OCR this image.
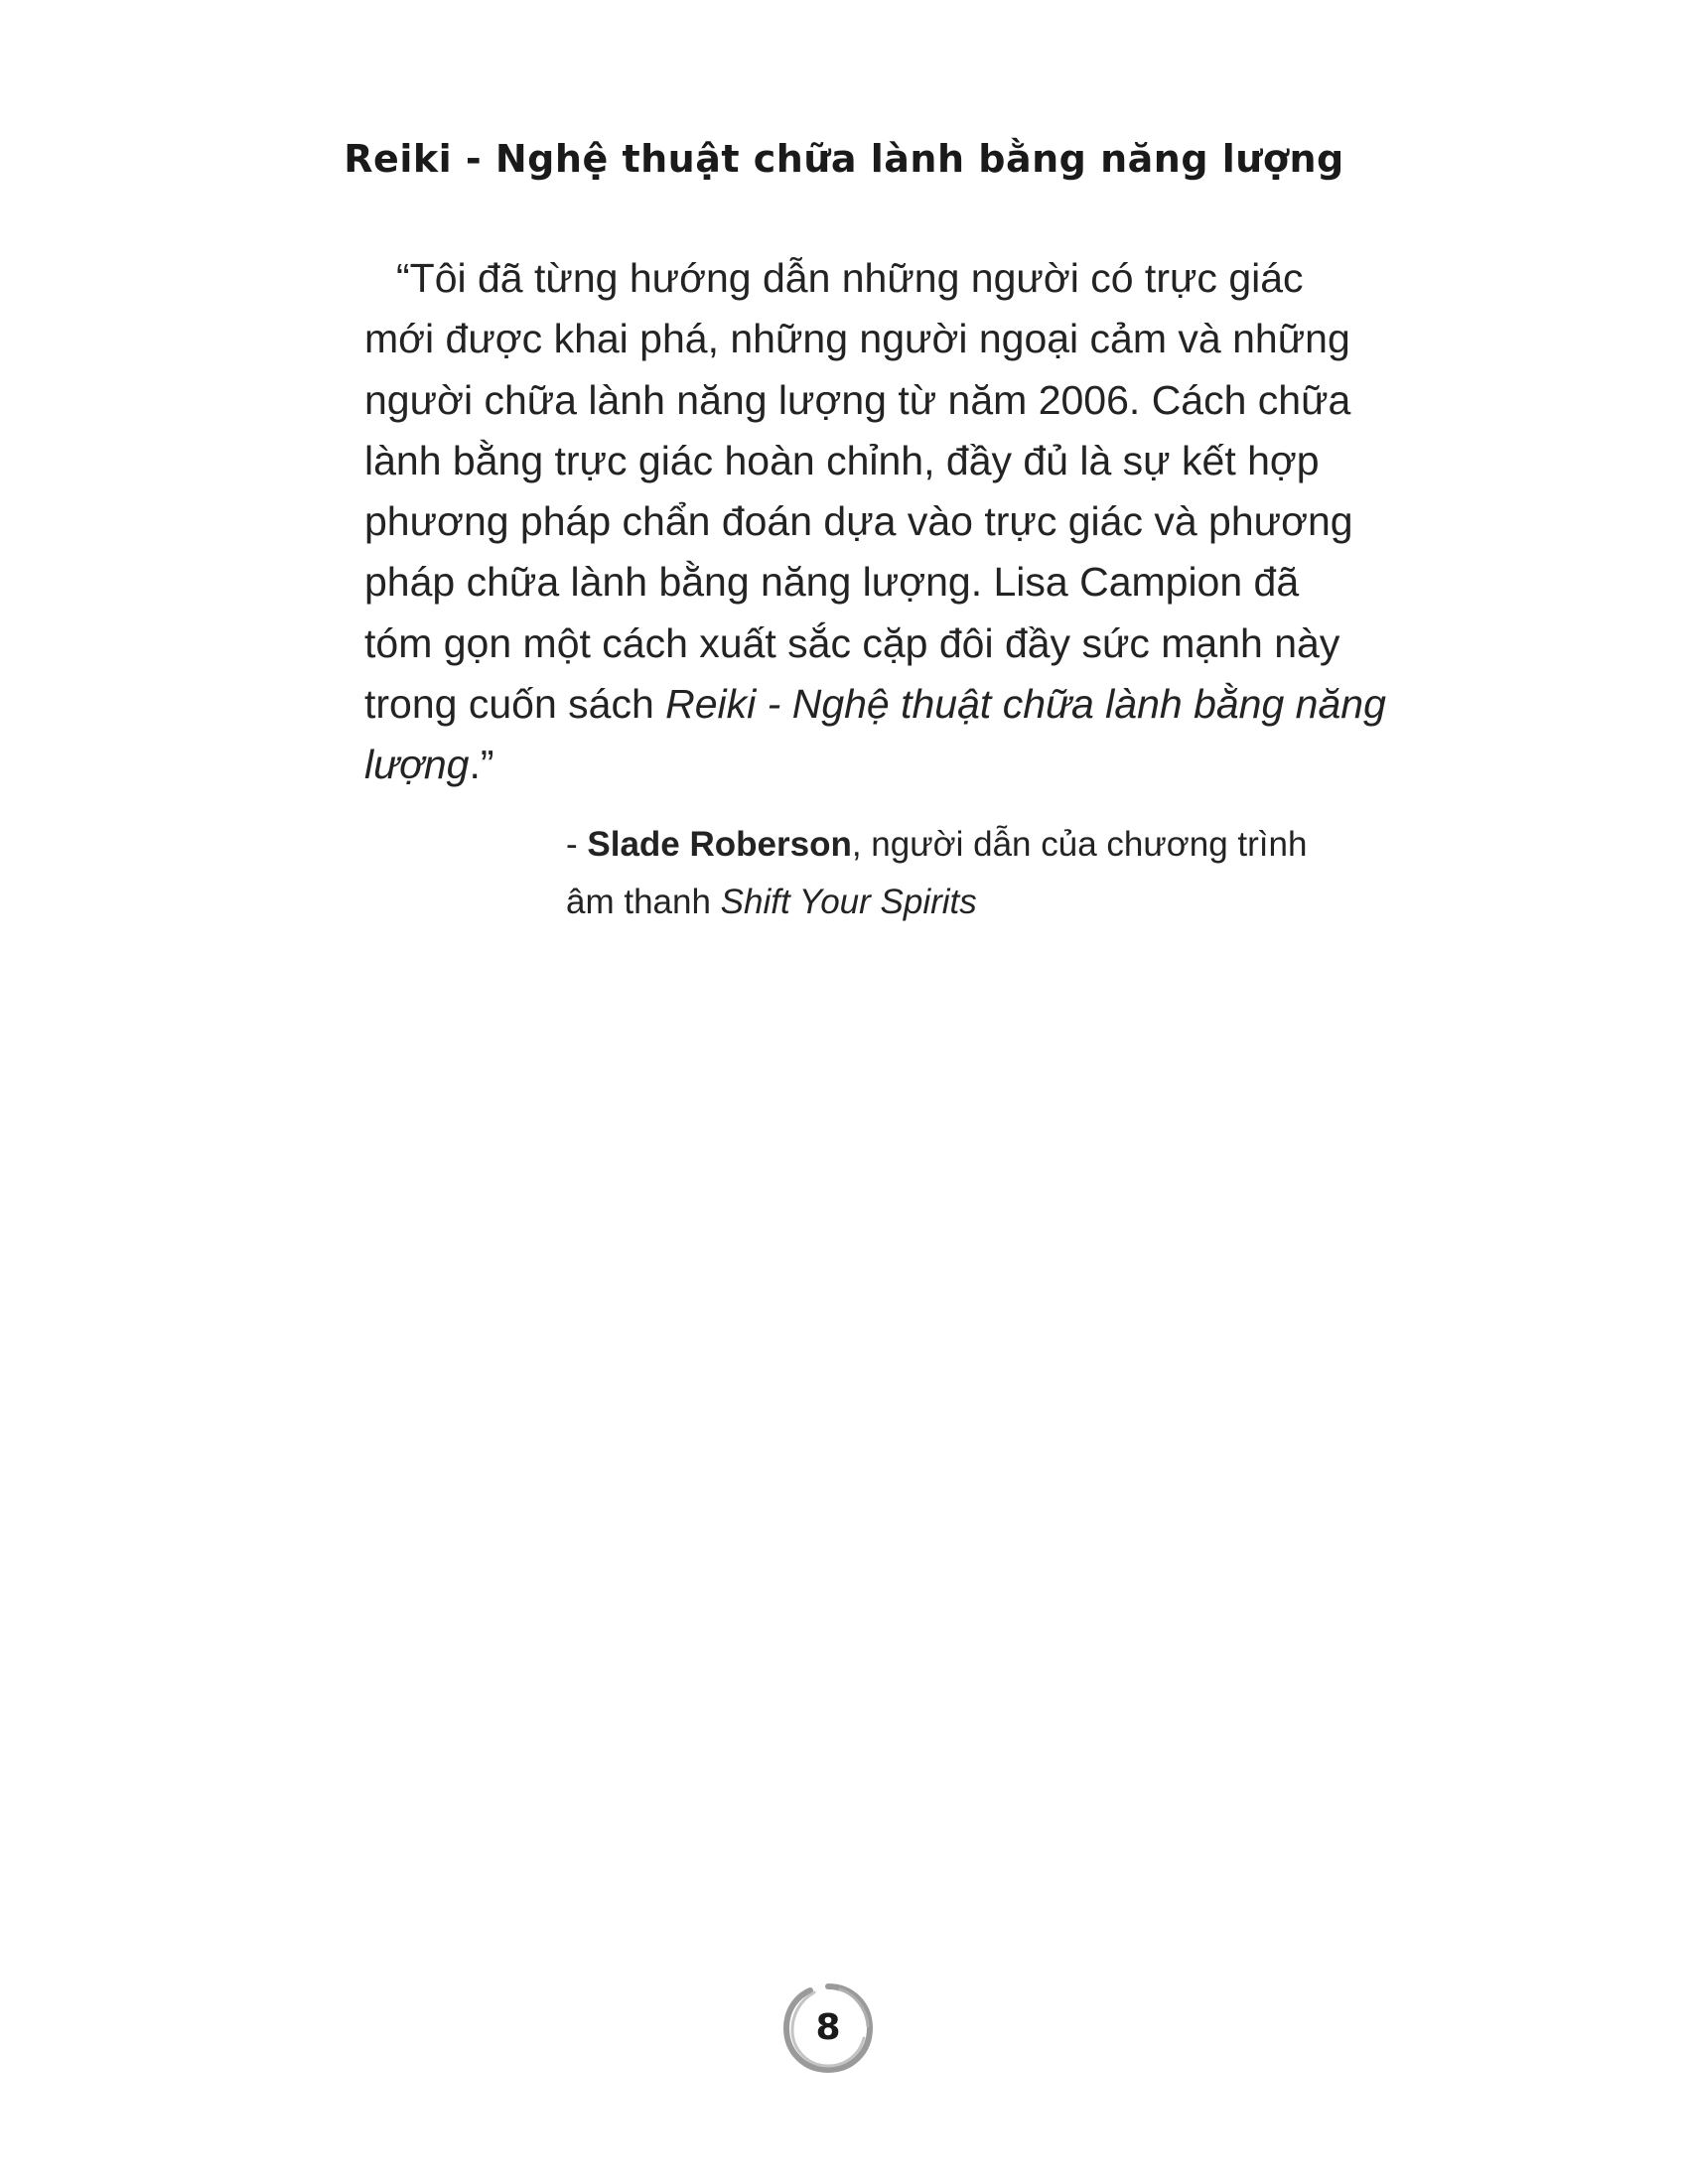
Reiki - Nghệ thuật chữa lành bằng năng lượng
“Tôi đã từng hướng dẫn những người có trực giác
mới được khai phá, những người ngoại cảm và những
người chữa lành năng lượng từ năm 2006. Cách chữa
lành bằng trực giác hoàn chỉnh, đầy đủ là sự kết hợp
phương pháp chẩn đoán dựa vào trực giác và phương
pháp chữa lành bằng năng lượng. Lisa Campion đã
tóm gọn một cách xuất sắc cặp đôi đầy sức mạnh này
trong cuốn sách Reiki - Nghệ thuật chữa lành bằng năng
lượng.”
- Slade Roberson, người dẫn của chương trình
âm thanh Shift Your Spirits
8
